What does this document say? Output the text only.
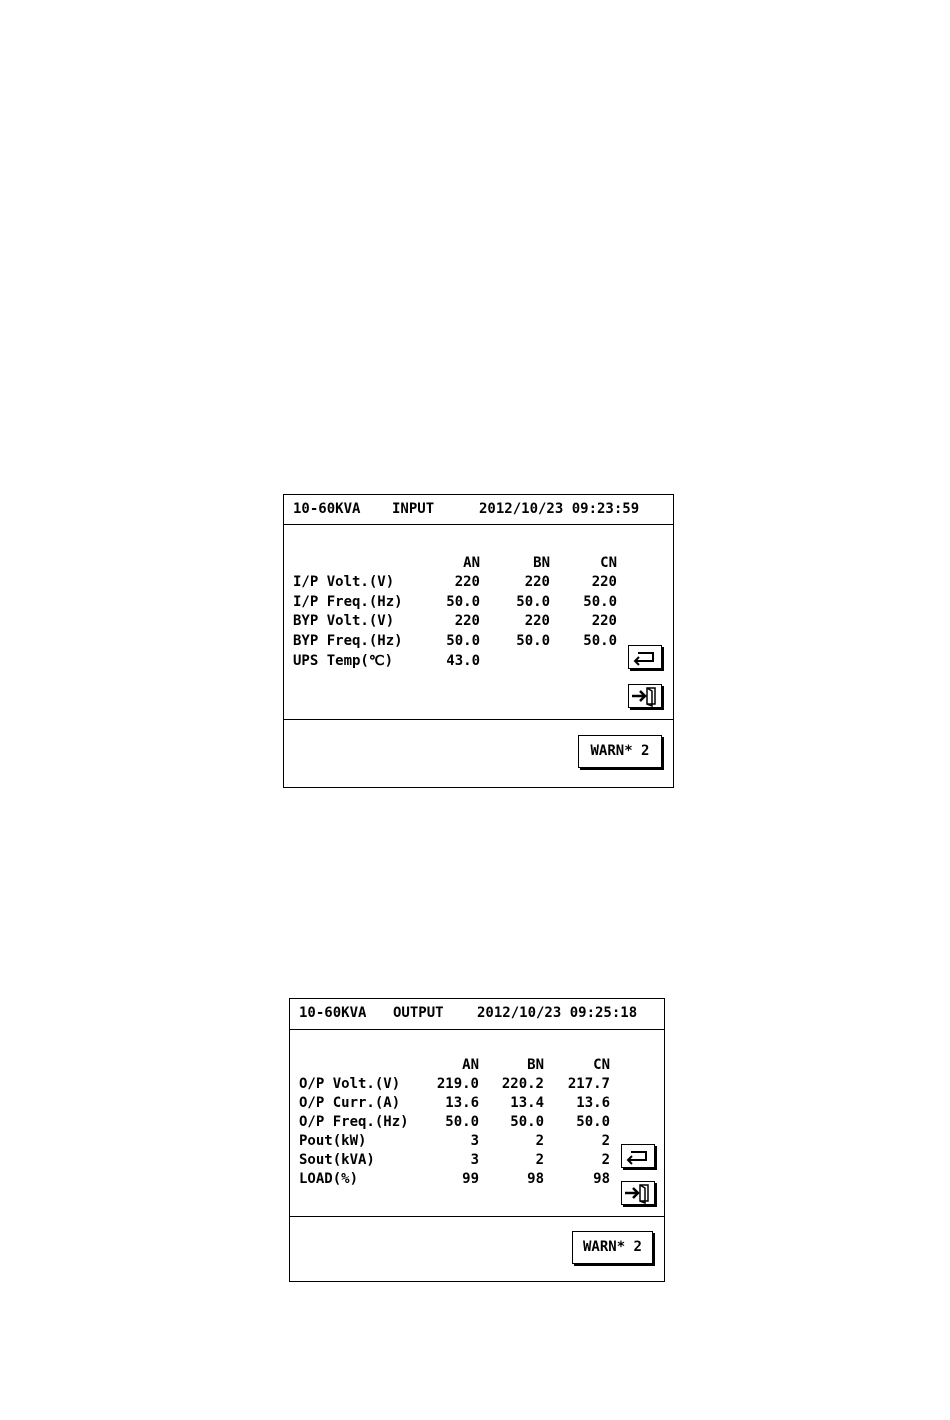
10-60KVA

INPUT

	2012/10/23 09:23:59

AN	BN	CN
I/P Volt.(V)	220	220	220
I/P Freq.(Hz)	50.0	50.0	50.0
BYP Volt.(V)	220	220	220
BYP Freq.(Hz)	50.0	50.0	50.0
UPS Temp(℃)	43.0
WARN* 2

10-60KVA

OUTPUT

2012/10/23 09:25:18

AN	BN	CN
O/P Volt.(V)	219.0	220.2	217.7
O/P Curr.(A)	13.6	13.4	13.6
O/P Freq.(Hz)	50.0	50.0	50.0
Pout(kW)	3	2	2
Sout(kVA)	3	2	2
LOAD(%)	99	98	98
WARN* 2
